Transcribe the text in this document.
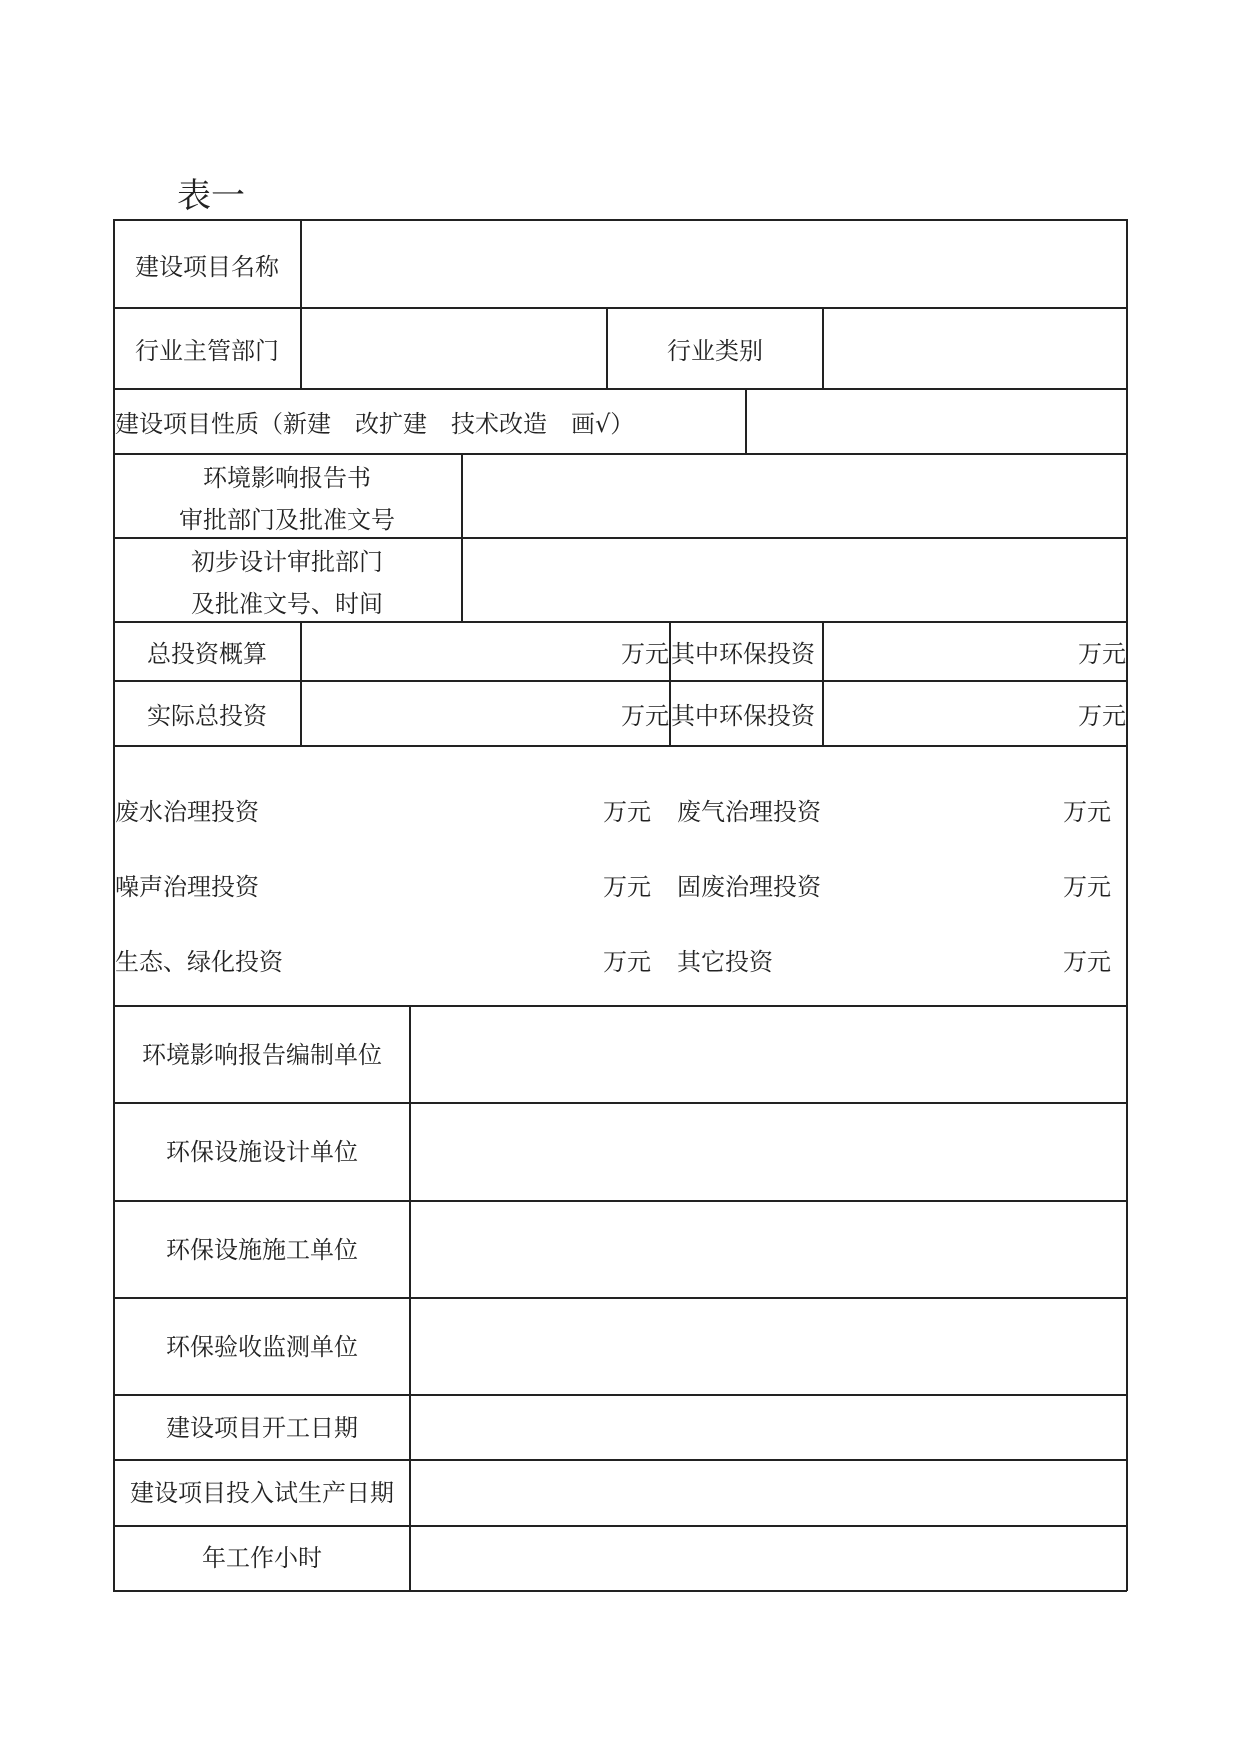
表一
建设项目名称
行业主管部门	行业类别
建设项目性质（新建　改扩建　技术改造　画√）
环境影响报告书
审批部门及批准文号
初步设计审批部门
及批准文号、时间
总投资概算	万元 其中环保投资	万元
实际总投资	万元 其中环保投资	万元
废水治理投资	万元 废气治理投资	万元
噪声治理投资	万元 固废治理投资	万元
生态、绿化投资	万元 其它投资	万元
环境影响报告编制单位
环保设施设计单位
环保设施施工单位
环保验收监测单位
建设项目开工日期
建设项目投入试生产日期
年工作小时
